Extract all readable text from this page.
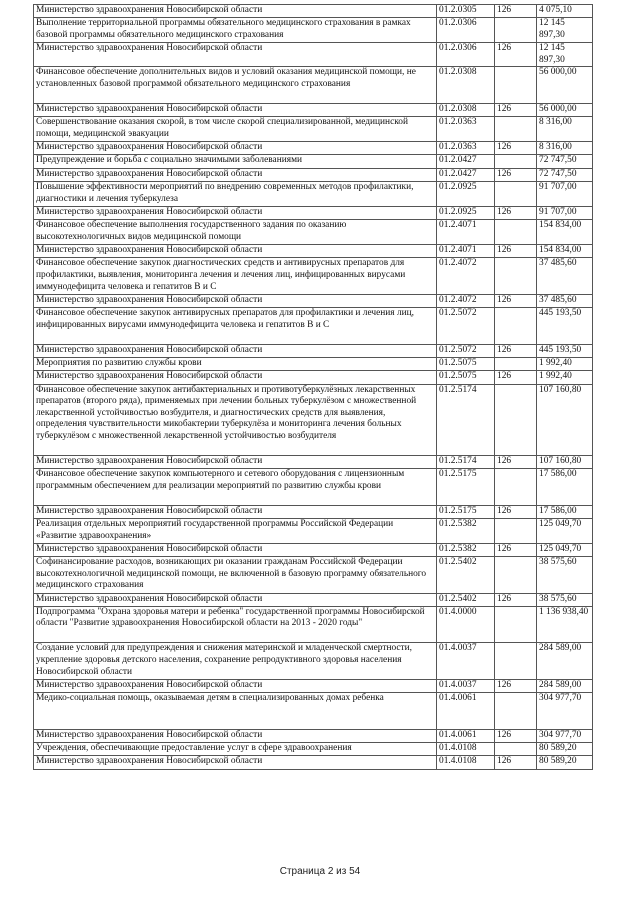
Министерство здравоохранения Новосибирской области	01.2.0305	126	4 075,10
Выполнение территориальной программы обязательного медицинского страхования в рамках базовой программы обязательного медицинского страхования	01.2.0306		12 145 897,30
Министерство здравоохранения Новосибирской области	01.2.0306	126	12 145 897,30
Финансовое обеспечение дополнительных видов и условий оказания медицинской помощи, не установленных базовой программой обязательного медицинского страхования	01.2.0308		56 000,00
Министерство здравоохранения Новосибирской области	01.2.0308	126	56 000,00
Совершенствование оказания скорой, в том числе скорой специализированной, медицинской помощи, медицинской эвакуации	01.2.0363		8 316,00
Министерство здравоохранения Новосибирской области	01.2.0363	126	8 316,00
Предупреждение и борьба с социально значимыми заболеваниями	01.2.0427		72 747,50
Министерство здравоохранения Новосибирской области	01.2.0427	126	72 747,50
Повышение эффективности мероприятий по внедрению современных методов профилактики, диагностики и лечения туберкулеза	01.2.0925		91 707,00
Министерство здравоохранения Новосибирской области	01.2.0925	126	91 707,00
Финансовое обеспечение выполнения государственного задания по оказанию высокотехнологичных видов медицинской помощи	01.2.4071		154 834,00
Министерство здравоохранения Новосибирской области	01.2.4071	126	154 834,00
Финансовое обеспечение закупок диагностических средств и антивирусных препаратов для профилактики, выявления, мониторинга лечения и лечения лиц, инфицированных вирусами иммунодефицита человека и гепатитов В и С	01.2.4072		37 485,60
Министерство здравоохранения Новосибирской области	01.2.4072	126	37 485,60
Финансовое обеспечение закупок антивирусных препаратов для профилактики и лечения лиц, инфицированных вирусами иммунодефицита человека и гепатитов В и С	01.2.5072		445 193,50
Министерство здравоохранения Новосибирской области	01.2.5072	126	445 193,50
Мероприятия по развитию службы крови	01.2.5075		1 992,40
Министерство здравоохранения Новосибирской области	01.2.5075	126	1 992,40
Финансовое обеспечение закупок антибактериальных и противотуберкулёзных лекарственных препаратов (второго ряда), применяемых при лечении больных туберкулёзом с множественной лекарственной устойчивостью возбудителя, и диагностических средств для выявления, определения чувствительности микобактерии туберкулёза и мониторинга лечения больных туберкулёзом с множественной лекарственной устойчивостью возбудителя	01.2.5174		107 160,80
Министерство здравоохранения Новосибирской области	01.2.5174	126	107 160,80
Финансовое обеспечение закупок компьютерного и сетевого оборудования с лицензионным программным обеспечением для реализации мероприятий по развитию службы крови	01.2.5175		17 586,00
Министерство здравоохранения Новосибирской области	01.2.5175	126	17 586,00
Реализация отдельных мероприятий государственной программы Российской Федерации «Развитие здравоохранения»	01.2.5382		125 049,70
Министерство здравоохранения Новосибирской области	01.2.5382	126	125 049,70
Софинансирование расходов, возникающих ри оказании гражданам Российской Федерации высокотехнологичной медицинской помощи, не включенной в базовую программу обязательного медицинского страхования	01.2.5402		38 575,60
Министерство здравоохранения Новосибирской области	01.2.5402	126	38 575,60
Подпрограмма "Охрана здоровья матери и ребенка" государственной программы Новосибирской области "Развитие здравоохранения Новосибирской области на 2013 - 2020 годы"	01.4.0000		1 136 938,40
Создание условий для предупреждения и снижения материнской и младенческой смертности, укрепление здоровья детского населения, сохранение репродуктивного здоровья населения Новосибирской области	01.4.0037		284 589,00
Министерство здравоохранения Новосибирской области	01.4.0037	126	284 589,00
Медико-социальная помощь, оказываемая детям в специализированных домах ребенка	01.4.0061		304 977,70
Министерство здравоохранения Новосибирской области	01.4.0061	126	304 977,70
Учреждения, обеспечивающие предоставление услуг в сфере здравоохранения	01.4.0108		80 589,20
Министерство здравоохранения Новосибирской области	01.4.0108	126	80 589,20
Страница 2 из 54
